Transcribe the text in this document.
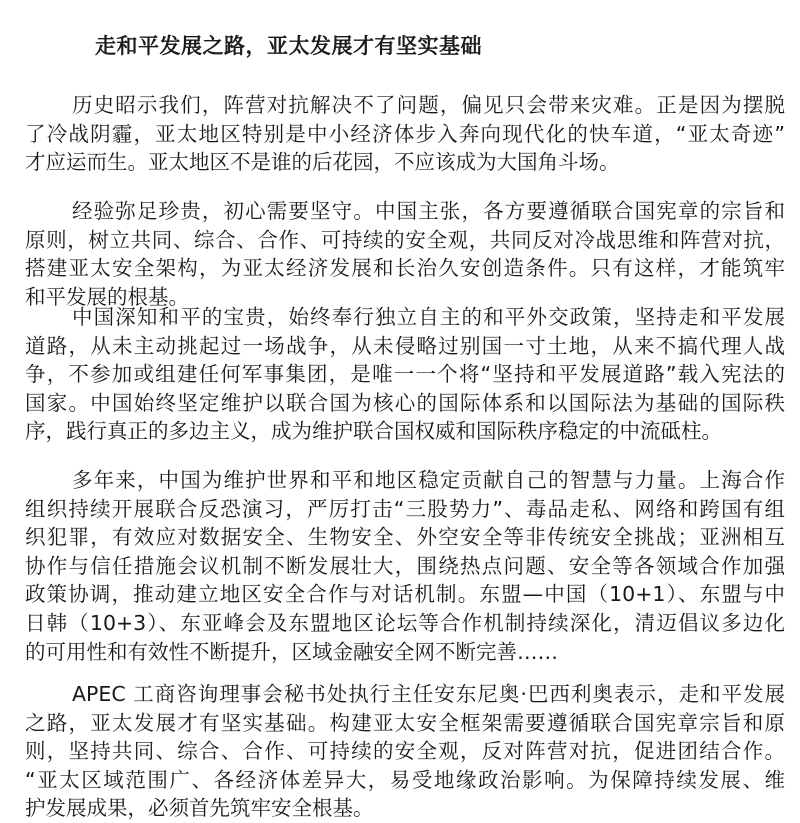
走和平发展之路，亚太发展才有坚实基础
历史昭示我们，阵营对抗解决不了问题，偏见只会带来灾难。正是因为摆脱
了冷战阴霾，亚太地区特别是中小经济体步入奔向现代化的快车道，“亚太奇迹”
才应运而生。亚太地区不是谁的后花园，不应该成为大国角斗场。
经验弥足珍贵，初心需要坚守。中国主张，各方要遵循联合国宪章的宗旨和
原则，树立共同、综合、合作、可持续的安全观，共同反对冷战思维和阵营对抗，
搭建亚太安全架构，为亚太经济发展和长治久安创造条件。只有这样，才能筑牢
和平发展的根基。
中国深知和平的宝贵，始终奉行独立自主的和平外交政策，坚持走和平发展
道路，从未主动挑起过一场战争，从未侵略过别国一寸土地，从来不搞代理人战
争，不参加或组建任何军事集团，是唯一一个将“坚持和平发展道路”载入宪法的
国家。中国始终坚定维护以联合国为核心的国际体系和以国际法为基础的国际秩
序，践行真正的多边主义，成为维护联合国权威和国际秩序稳定的中流砥柱。
多年来，中国为维护世界和平和地区稳定贡献自己的智慧与力量。上海合作
组织持续开展联合反恐演习，严厉打击“三股势力”、毒品走私、网络和跨国有组
织犯罪，有效应对数据安全、生物安全、外空安全等非传统安全挑战；亚洲相互
协作与信任措施会议机制不断发展壮大，围绕热点问题、安全等各领域合作加强
政策协调，推动建立地区安全合作与对话机制。东盟—中国（10+1）、东盟与中
日韩（10+3）、东亚峰会及东盟地区论坛等合作机制持续深化，清迈倡议多边化
的可用性和有效性不断提升，区域金融安全网不断完善……
APEC 工商咨询理事会秘书处执行主任安东尼奥·巴西利奥表示，走和平发展
之路，亚太发展才有坚实基础。构建亚太安全框架需要遵循联合国宪章宗旨和原
则，坚持共同、综合、合作、可持续的安全观，反对阵营对抗，促进团结合作。
“亚太区域范围广、各经济体差异大，易受地缘政治影响。为保障持续发展、维
护发展成果，必须首先筑牢安全根基。
